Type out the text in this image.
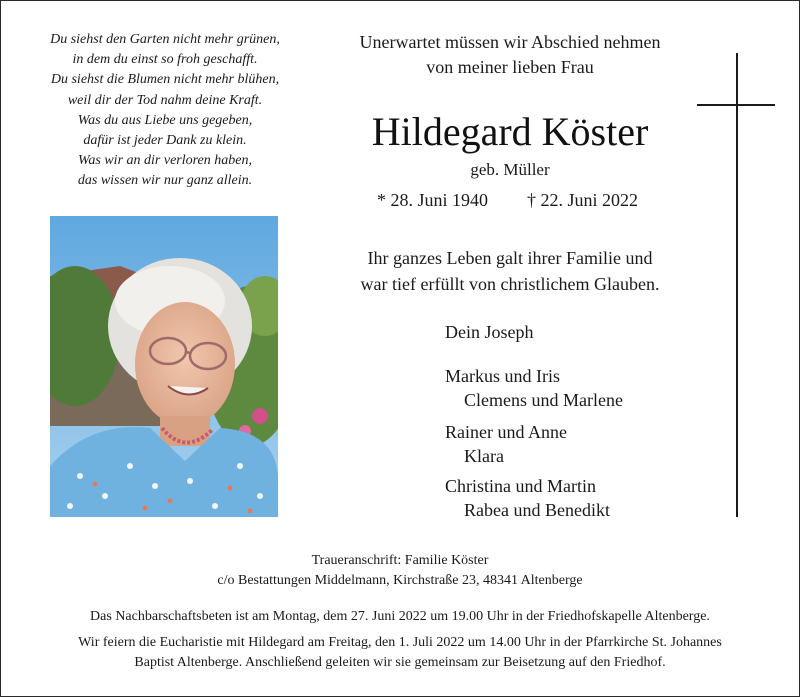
Du siehst den Garten nicht mehr grünen,
in dem du einst so froh geschafft.
Du siehst die Blumen nicht mehr blühen,
weil dir der Tod nahm deine Kraft.
Was du aus Liebe uns gegeben,
dafür ist jeder Dank zu klein.
Was wir an dir verloren haben,
das wissen wir nur ganz allein.
Unerwartet müssen wir Abschied nehmen
von meiner lieben Frau
Hildegard Köster
geb. Müller
* 28. Juni 1940 † 22. Juni 2022
Ihr ganzes Leben galt ihrer Familie und
war tief erfüllt von christlichem Glauben.
Dein Joseph
Markus und Iris
Clemens und Marlene
Rainer und Anne
Klara
Christina und Martin
Rabea und Benedikt
Traueranschrift: Familie Köster
c/o Bestattungen Middelmann, Kirchstraße 23, 48341 Altenberge
Das Nachbarschaftsbeten ist am Montag, dem 27. Juni 2022 um 19.00 Uhr in der Friedhofskapelle Altenberge.
Wir feiern die Eucharistie mit Hildegard am Freitag, den 1. Juli 2022 um 14.00 Uhr in der Pfarrkirche St. Johannes
Baptist Altenberge. Anschließend geleiten wir sie gemeinsam zur Beisetzung auf den Friedhof.
